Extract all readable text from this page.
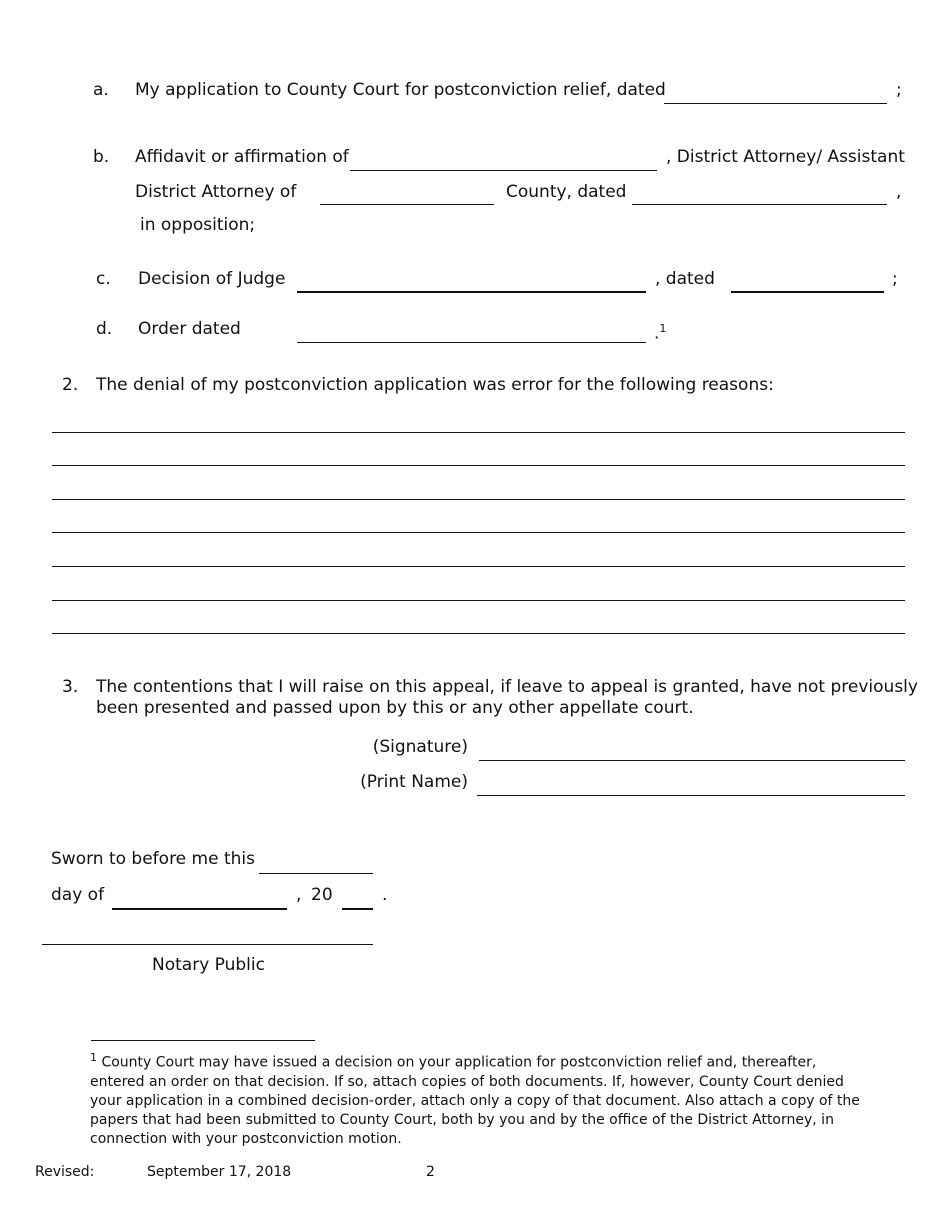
a. My application to County Court for postconviction relief, dated	;
b. Affidavit or affirmation of	, District Attorney/ Assistant
District Attorney of	County, dated	,
in opposition;
c. Decision of Judge	, dated	;
d. Order dated	.$^1$
2. The denial of my postconviction application was error for the following reasons:
3. The contentions that I will raise on this appeal, if leave to appeal is granted, have not previously
been presented and passed upon by this or any other appellate court.
(Signature)
(Print Name)
Sworn to before me this
day of	, 20	.
Notary Public

$^1$ County Court may have issued a decision on your application for postconviction relief and, thereafter, entered an order on that decision. If so, attach copies of both documents. If, however, County Court denied your application in a combined decision-order, attach only a copy of that document. Also attach a copy of the papers that had been submitted to County Court, both by you and by the office of the District Attorney, in connection with your postconviction motion.

Revised:	September 17, 2018	2
